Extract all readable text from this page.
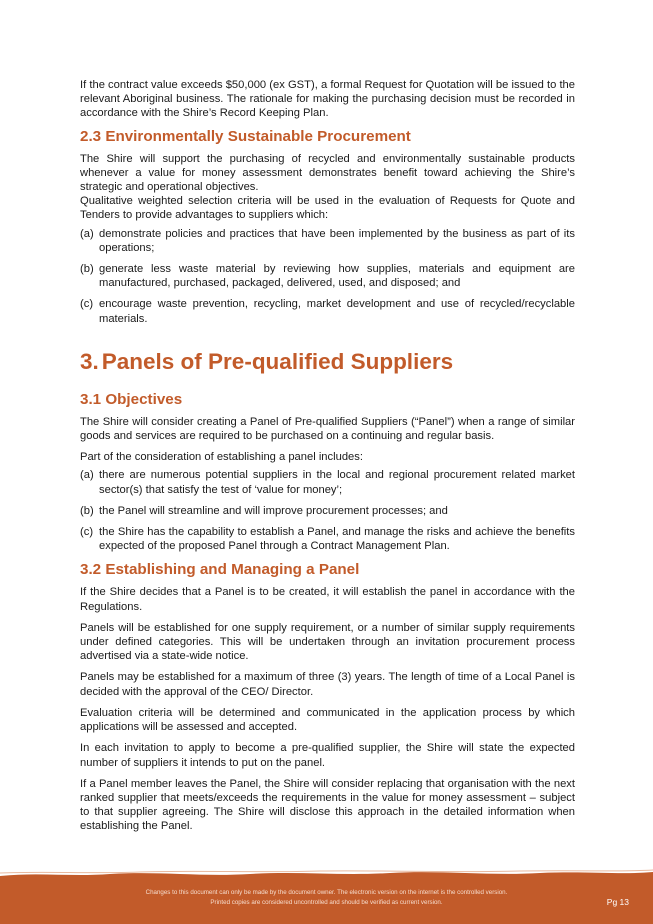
If the contract value exceeds $50,000 (ex GST), a formal Request for Quotation will be issued to the relevant Aboriginal business. The rationale for making the purchasing decision must be recorded in accordance with the Shire’s Record Keeping Plan.

2.3 Environmentally Sustainable Procurement

The Shire will support the purchasing of recycled and environmentally sustainable products whenever a value for money assessment demonstrates benefit toward achieving the Shire’s strategic and operational objectives.

Qualitative weighted selection criteria will be used in the evaluation of Requests for Quote and Tenders to provide advantages to suppliers which:

(a) demonstrate policies and practices that have been implemented by the business as part of its operations;
(b) generate less waste material by reviewing how supplies, materials and equipment are manufactured, purchased, packaged, delivered, used, and disposed; and
(c) encourage waste prevention, recycling, market development and use of recycled/recyclable materials.
3. Panels of Pre-qualified Suppliers
3.1 Objectives

The Shire will consider creating a Panel of Pre-qualified Suppliers (“Panel”) when a range of similar goods and services are required to be purchased on a continuing and regular basis.

Part of the consideration of establishing a panel includes:

(a) there are numerous potential suppliers in the local and regional procurement related market sector(s) that satisfy the test of ‘value for money’;
(b) the Panel will streamline and will improve procurement processes; and
(c) the Shire has the capability to establish a Panel, and manage the risks and achieve the benefits expected of the proposed Panel through a Contract Management Plan.
3.2 Establishing and Managing a Panel

If the Shire decides that a Panel is to be created, it will establish the panel in accordance with the Regulations.

Panels will be established for one supply requirement, or a number of similar supply requirements under defined categories. This will be undertaken through an invitation procurement process advertised via a state-wide notice.

Panels may be established for a maximum of three (3) years. The length of time of a Local Panel is decided with the approval of the CEO/ Director.

Evaluation criteria will be determined and communicated in the application process by which applications will be assessed and accepted.

In each invitation to apply to become a pre-qualified supplier, the Shire will state the expected number of suppliers it intends to put on the panel.

If a Panel member leaves the Panel, the Shire will consider replacing that organisation with the next ranked supplier that meets/exceeds the requirements in the value for money assessment – subject to that supplier agreeing. The Shire will disclose this approach in the detailed information when establishing the Panel.

Changes to this document can only be made by the document owner. The electronic version on the internet is the controlled version.
Printed copies are considered uncontrolled and should be verified as current version.	Pg 13
